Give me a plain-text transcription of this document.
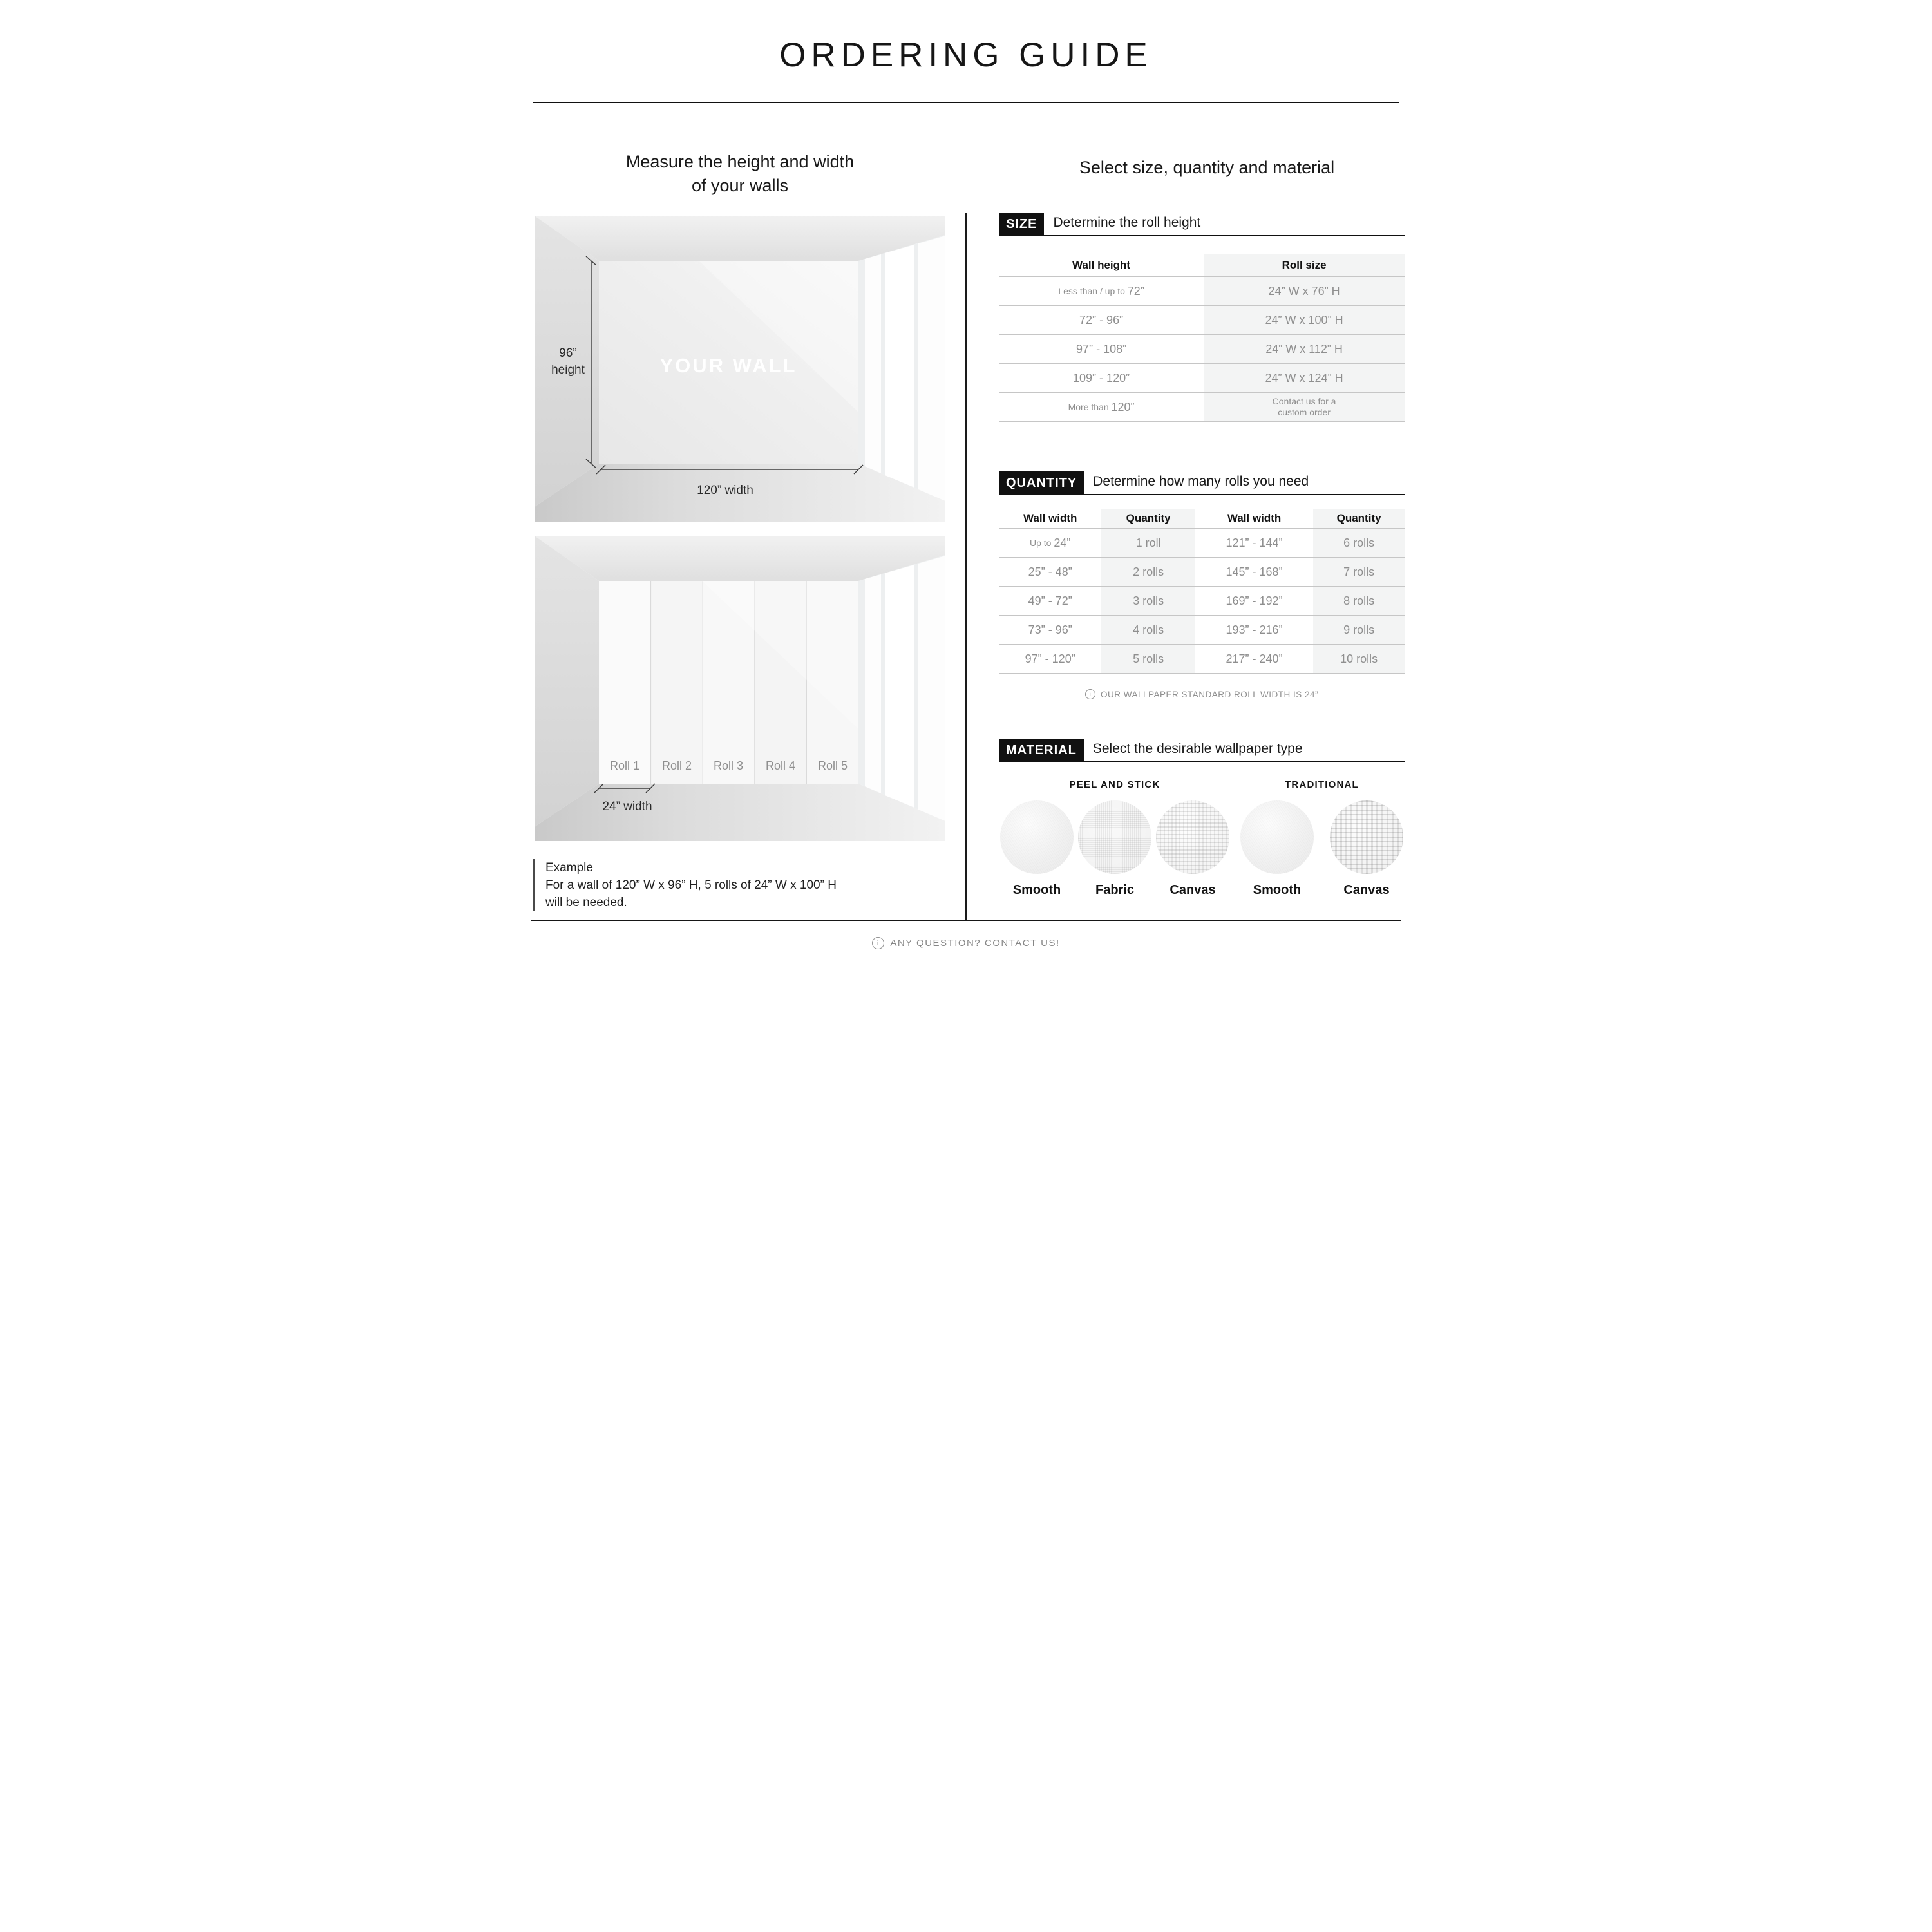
ORDERING GUIDE
Measure the height and width
of your walls
Select size, quantity and material
96”
height	YOUR WALL
120” width
Roll 1 Roll 2 Roll 3 Roll 4 Roll 5
24” width
Example
For a wall of 120” W x 96” H, 5 rolls of 24” W x 100” H
will be needed.
SIZE	Determine the roll height
Wall height	Roll size
Less than / up to 72”	24” W x 76” H
72” - 96”	24” W x 100” H
97” - 108”	24” W x 112” H
109” - 120”	24” W x 124” H
More than 120”	Contact us for a custom order
QUANTITY	Determine how many rolls you need
Wall width	Quantity	Wall width	Quantity
Up to 24”	1 roll	121” - 144”	6 rolls
25” - 48”	2 rolls	145” - 168”	7 rolls
49” - 72”	3 rolls	169” - 192”	8 rolls
73” - 96”	4 rolls	193” - 216”	9 rolls
97” - 120”	5 rolls	217” - 240”	10 rolls
i	OUR WALLPAPER STANDARD ROLL WIDTH IS 24”
MATERIAL	Select the desirable wallpaper type
PEEL AND STICK
Smooth	Fabric	Canvas
TRADITIONAL
Smooth	Canvas
i	ANY QUESTION? CONTACT US!
